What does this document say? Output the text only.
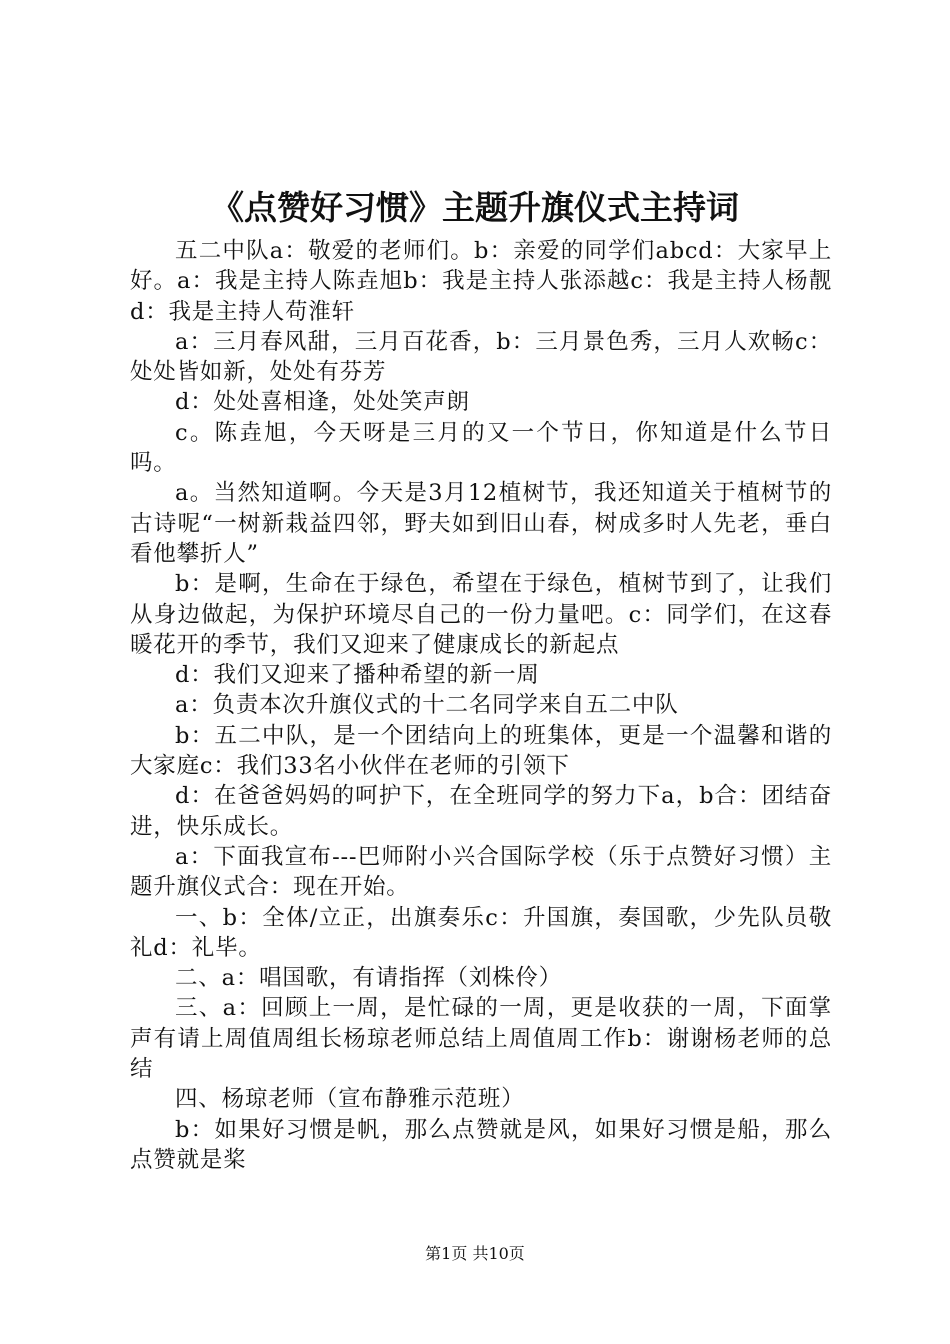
《点赞好习惯》主题升旗仪式主持词

五二中队a：敬爱的老师们。b：亲爱的同学们abcd：大家早上好。a：我是主持人陈垚旭b：我是主持人张添越c：我是主持人杨靓d：我是主持人苟淮轩

a：三月春风甜，三月百花香，b：三月景色秀，三月人欢畅c：处处皆如新，处处有芬芳

d：处处喜相逢，处处笑声朗

c。陈垚旭，今天呀是三月的又一个节日，你知道是什么节日吗。

a。当然知道啊。今天是3月12植树节，我还知道关于植树节的古诗呢“一树新栽益四邻，野夫如到旧山春，树成多时人先老，垂白看他攀折人”

b：是啊，生命在于绿色，希望在于绿色，植树节到了，让我们从身边做起，为保护环境尽自己的一份力量吧。c：同学们，在这春暖花开的季节，我们又迎来了健康成长的新起点

d：我们又迎来了播种希望的新一周

a：负责本次升旗仪式的十二名同学来自五二中队

b：五二中队，是一个团结向上的班集体，更是一个温馨和谐的大家庭c：我们33名小伙伴在老师的引领下

d：在爸爸妈妈的呵护下，在全班同学的努力下a，b合：团结奋进，快乐成长。

a：下面我宣布---巴师附小兴合国际学校（乐于点赞好习惯）主题升旗仪式合：现在开始。

一、b：全体/立正，出旗奏乐c：升国旗，奏国歌，少先队员敬礼d：礼毕。

二、a：唱国歌，有请指挥（刘株伶）

三、a：回顾上一周，是忙碌的一周，更是收获的一周，下面掌声有请上周值周组长杨琼老师总结上周值周工作b：谢谢杨老师的总结

四、杨琼老师（宣布静雅示范班）

b：如果好习惯是帆，那么点赞就是风，如果好习惯是船，那么点赞就是桨

第1页 共10页
